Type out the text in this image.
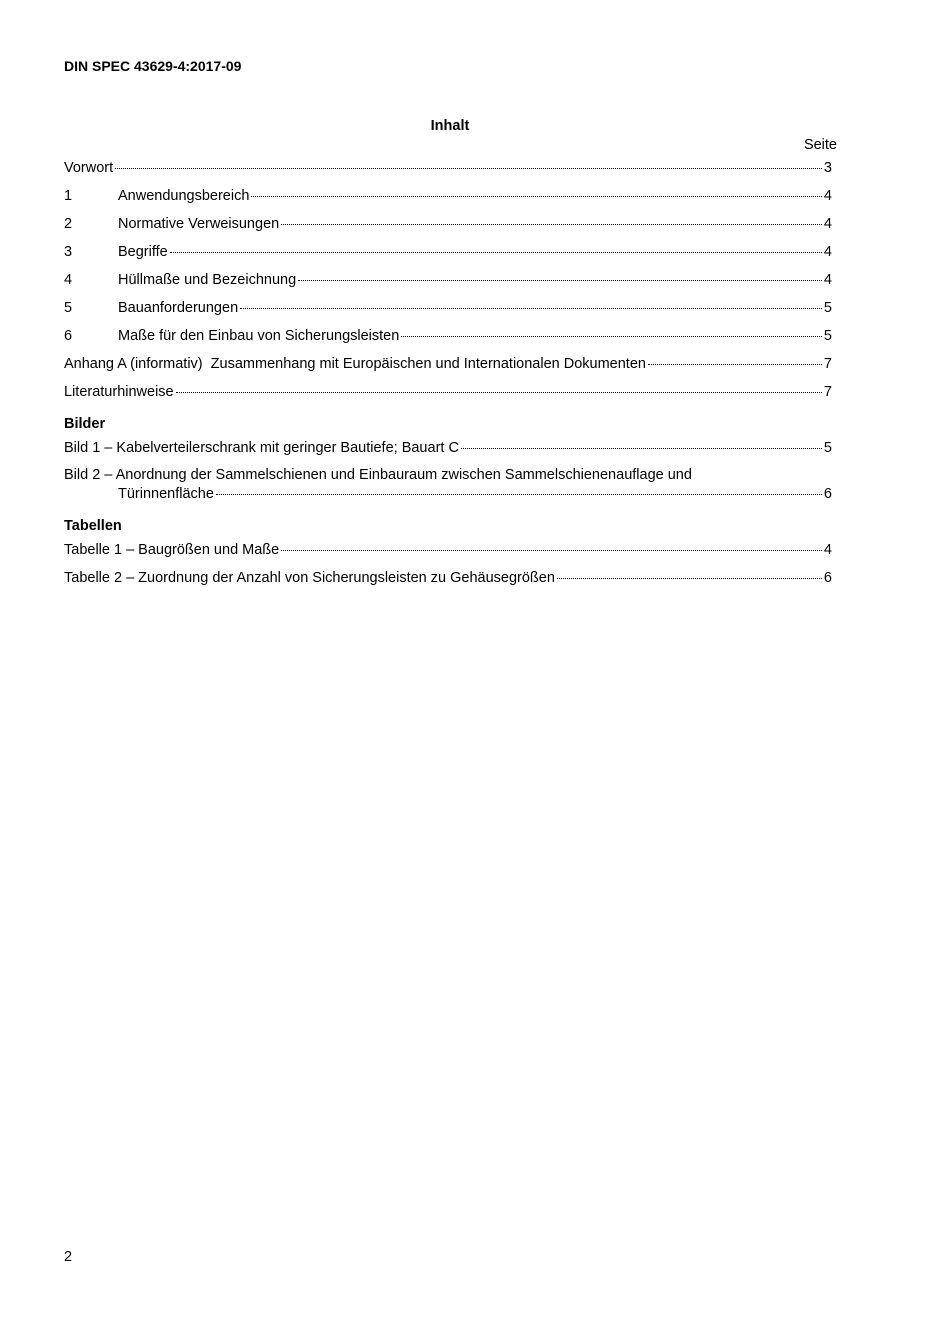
DIN SPEC 43629-4:2017-09
Inhalt
Seite
Vorwort	3
1	Anwendungsbereich	4
2	Normative Verweisungen	4
3	Begriffe	4
4	Hüllmaße und Bezeichnung	4
5	Bauanforderungen	5
6	Maße für den Einbau von Sicherungsleisten	5
Anhang A (informativ)  Zusammenhang mit Europäischen und Internationalen Dokumenten	7
Literaturhinweise	7
Bilder
Bild 1 – Kabelverteilerschrank mit geringer Bautiefe; Bauart C	5
Bild 2 – Anordnung der Sammelschienen und Einbauraum zwischen Sammelschienenauflage und
Türinnenfläche	6
Tabellen
Tabelle 1 – Baugrößen und Maße	4
Tabelle 2 – Zuordnung der Anzahl von Sicherungsleisten zu Gehäusegrößen	6
2
